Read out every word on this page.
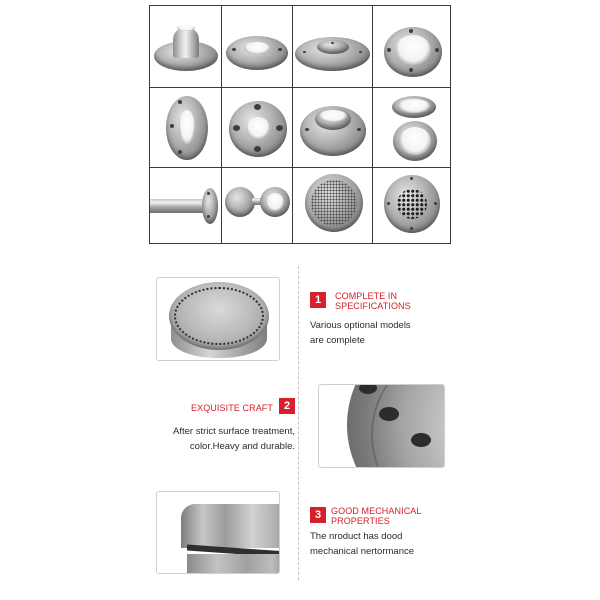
1	COMPLETE IN
SPECIFICATIONS
Various optional models
are complete
EXQUISITE CRAFT 2
After strict surface treatment,
color.Heavy and durable.
3	GOOD MECHANICAL
PROPERTIES
The nroduct has dood
mechanical nertormance
